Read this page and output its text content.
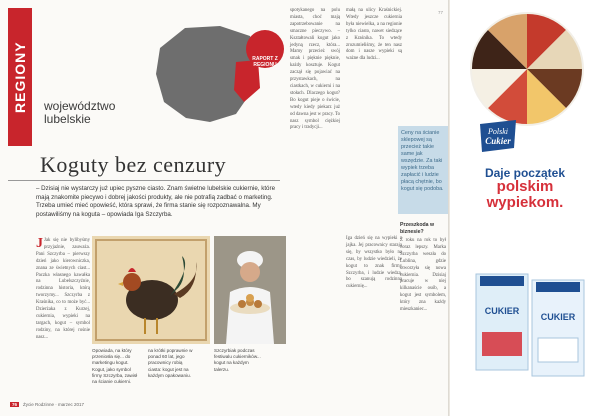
REGIONY	województwo
lubelskie
RAPORT Z REGIONU
Koguty bez cenzury
– Dzisiaj nie wystarczy już upiec pyszne ciasto. Znam świetne lubelskie cukiernie, które mają znakomite piecywo i dobrej jakości produkty, ale nie potrafią zadbać o marketing. Trzeba umieć mieć opowieść, która sprawi, że firma stanie się rozpoznawalna. My postawiliśmy na koguta – opowiada Iga Szczyrba.
J Jak się nie bylibyśmy przyjaźnie, zauważa. Pani Szczyrba – pierwszy dzień jako kierowniczka, znana ze świetnych ciast... Paczka własnego kawałka na Lubelszczyźnie, rodzinna historia, którą tworzymy... Szczyrba z Kraśnika, co to może być... Dzierżaka z Kurzej, cukiernia, wypieki na targach, kogut – symbol rodziny, na której rośnie nasz...
spotykanego na polu miasta, choć mają zapotrzebowanie na smaczne pieczywo. – Kształtowali kogut jako jedyną rzecz, która... Mamy przecież swój smak i pięknie pięknie, każdy kosztuje. Kogut zaczął się pojawiać na przystawkach, na ciastkach, w cukierni i na stołach. Dlaczego kogut? Bo kogut pieje o świcie, wtedy kiedy piekarz już od dawna jest w pracy. To nasz symbol ciężkiej pracy i tradycji...
małą na ulicy Kraśnickiej. Wtedy jeszcze cukiernia była niewielka, a na regionie tylko ciasto, nawet siedzące z Kraśnika. To wtedy zrozumieliśmy, że ten nasz dom i nasze wypieki są ważne dla ludzi...
Opowiada, na który przeniosła się... do marketingu kogut. Kogut, jako symbol firmy Szczyrba, zawisł na ścianie cukierni.
na krótki poprawnie w ponad 60 lat, jego pracownicy robią ciasta: kogut jest na każdym opakowaniu.
Szczyrbiak podczas festiwalu cukierników... kogut na każdym talerzu.
Iga dzień się na wypieki z jajka. Jej pracownicy starają się, by wszystko było na czas, by ludzie wiedzieli, że kogut to znak firmy Szczyrba, i ludzie wiedzą, bo szanują rodzinną cukiernię...
Ceny na ścianie sklepowej są przecież takie same jak wszędzie. Za taki wypiek trzeba zapłacić i ludzie płacą chętnie, bo kogut się podoba.
Przeszkoda w biznesie?
Z roku na rok to był coraz lepszy. Marka Szczyrba weszła do Lublina, gdzie otworzyła się nowa cukiernia. Dzisiaj pracuje w niej kilkanaście osób, a kogut jest symbolem, który zna każdy mieszkaniec...
76 Życie Rodzinne · marzec 2017
77
Polski
Cukier
Daje początek
polskim
wypiekom.
CUKIER
CUKIER
